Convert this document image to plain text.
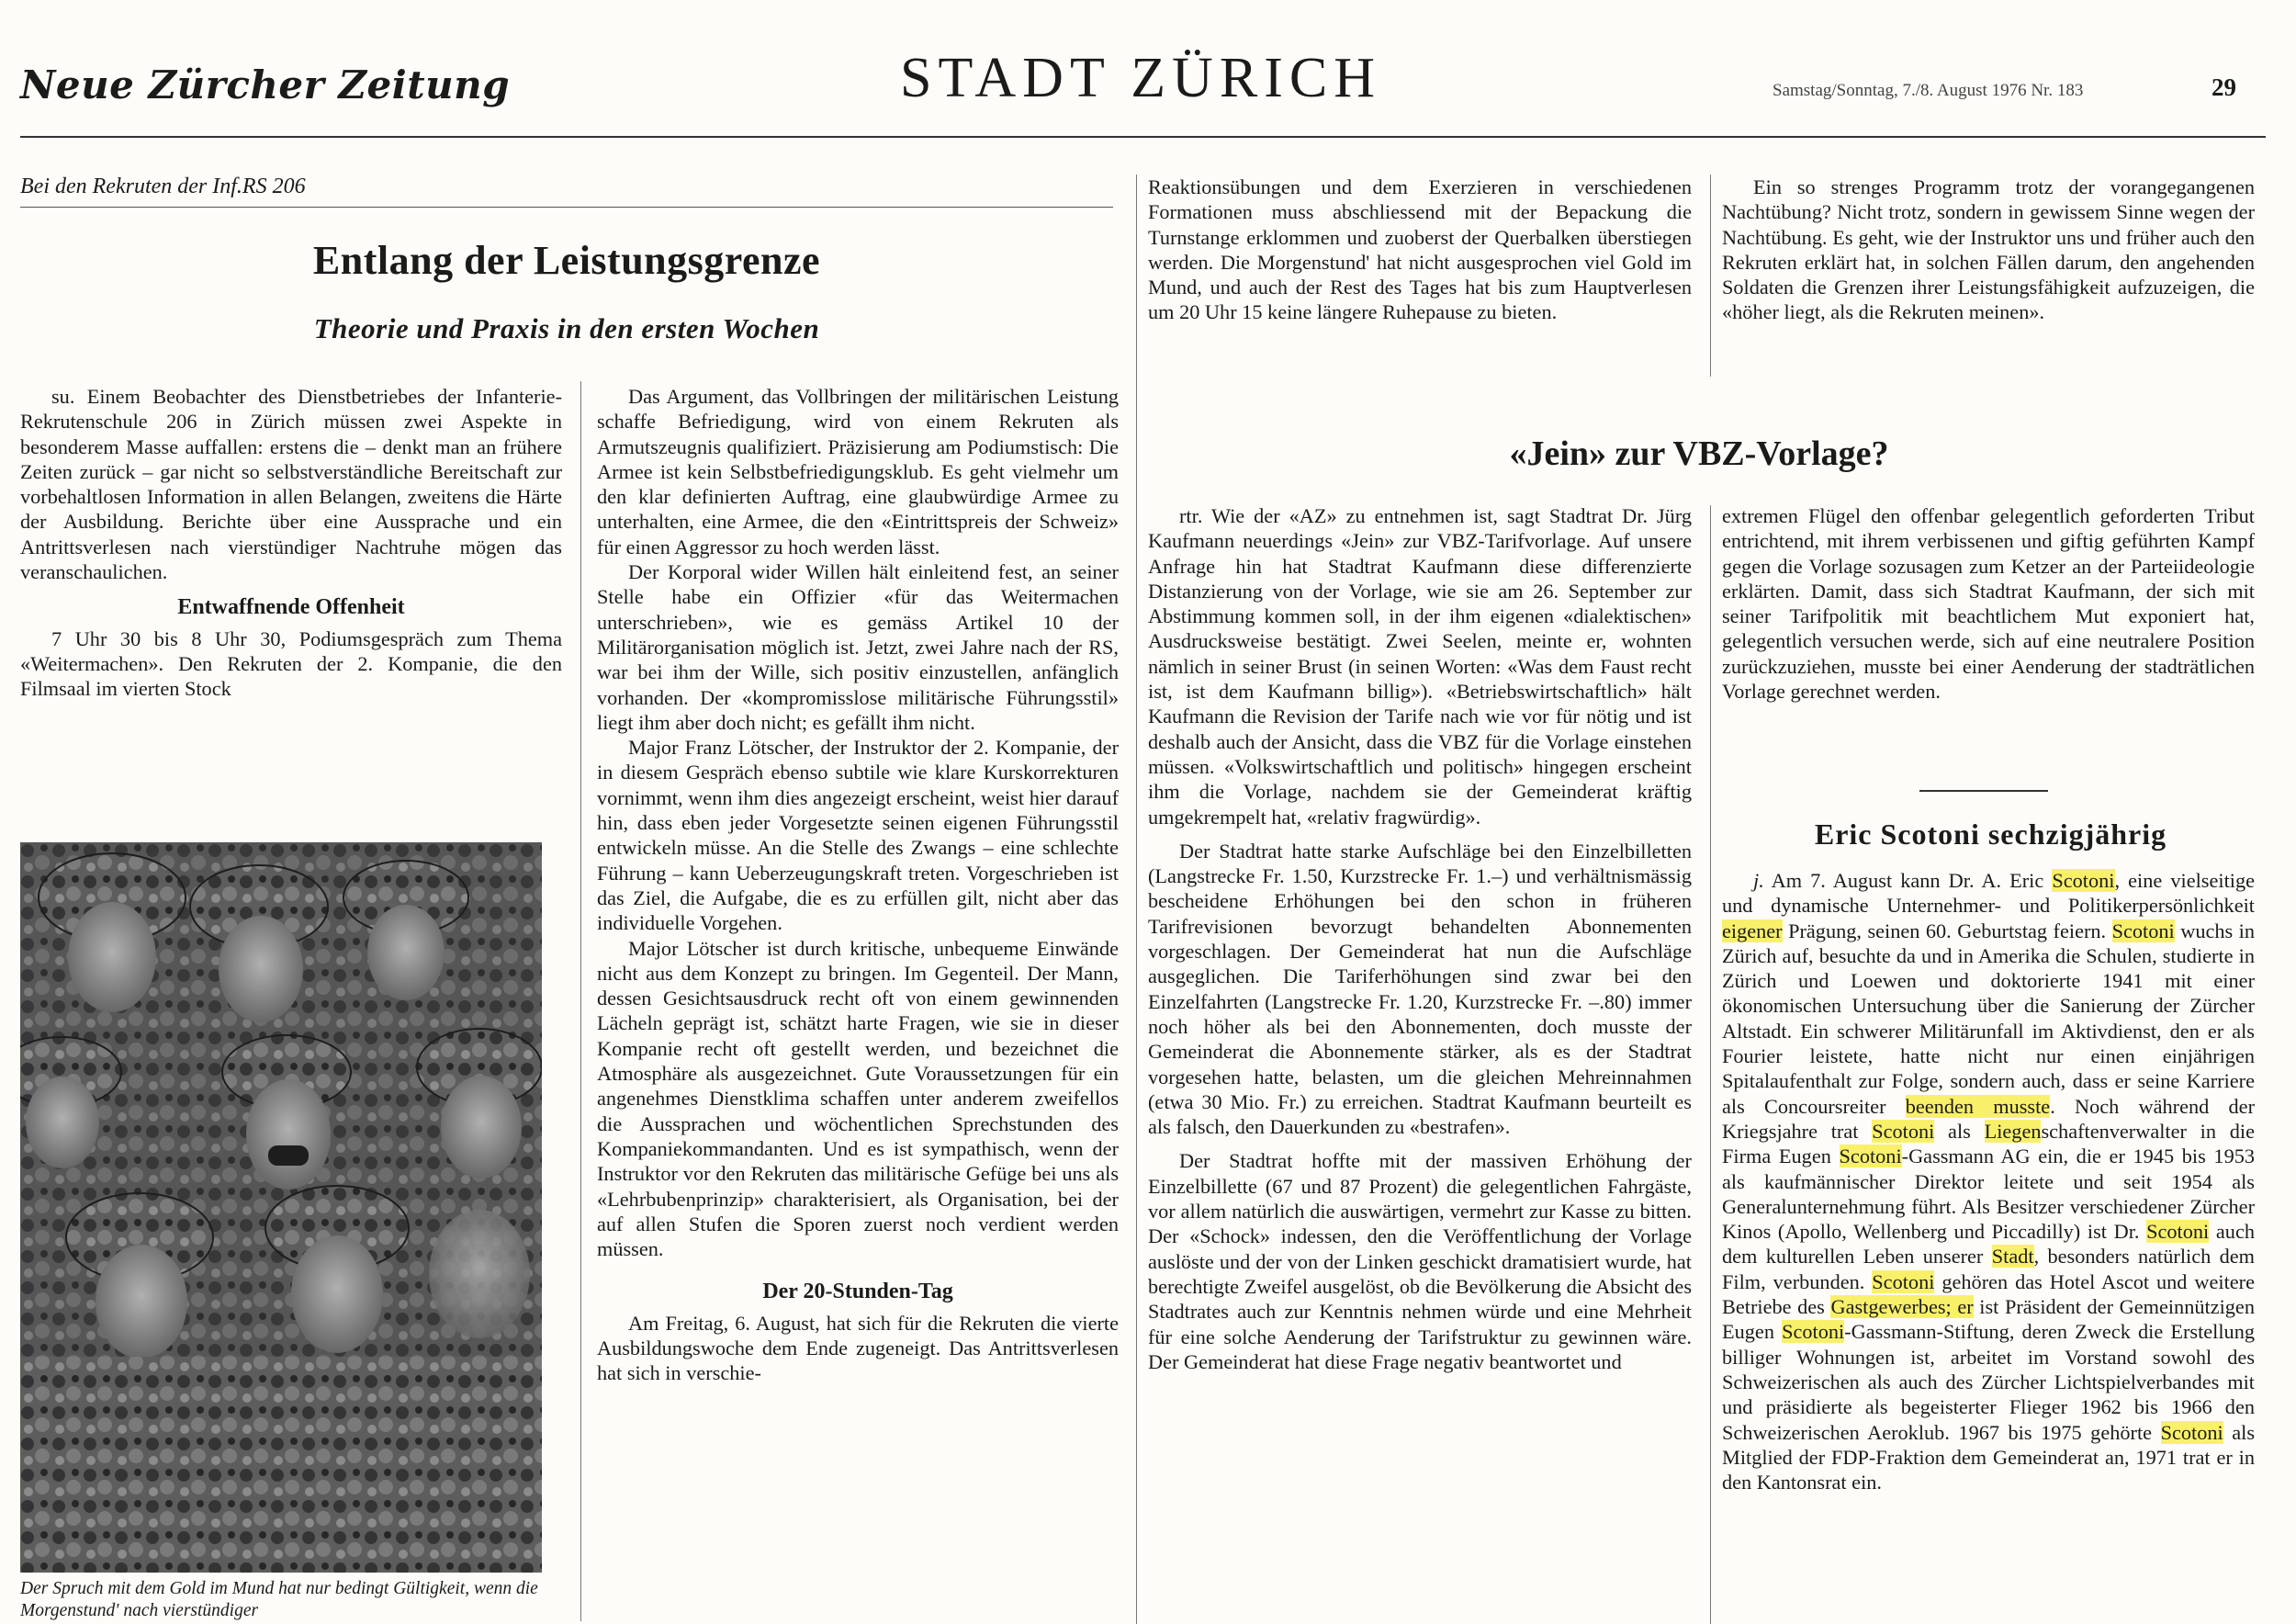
Neue Zürcher Zeitung	STADT ZÜRICH	Samstag/Sonntag, 7./8. August 1976 Nr. 183	29
Bei den Rekruten der Inf.RS 206
Entlang der Leistungsgrenze
Theorie und Praxis in den ersten Wochen

su. Einem Beobachter des Dienstbetriebes der Infanterie-Rekrutenschule 206 in Zürich müssen zwei Aspekte in besonderem Masse auffallen: erstens die – denkt man an frühere Zeiten zurück – gar nicht so selbstverständliche Bereitschaft zur vorbehaltlosen Information in allen Belangen, zweitens die Härte der Ausbildung. Berichte über eine Aussprache und ein Antrittsverlesen nach vierstündiger Nachtruhe mögen das veranschaulichen.

Entwaffnende Offenheit

7 Uhr 30 bis 8 Uhr 30, Podiumsgespräch zum Thema «Weitermachen». Den Rekruten der 2. Kompanie, die den Filmsaal im vierten Stock

Der Spruch mit dem Gold im Mund hat nur bedingt Gültigkeit, wenn die Morgenstund' nach vierstündiger

Das Argument, das Vollbringen der militärischen Leistung schaffe Befriedigung, wird von einem Rekruten als Armutszeugnis qualifiziert. Präzisierung am Podiumstisch: Die Armee ist kein Selbstbefriedigungsklub. Es geht vielmehr um den klar definierten Auftrag, eine glaubwürdige Armee zu unterhalten, eine Armee, die den «Eintrittspreis der Schweiz» für einen Aggressor zu hoch werden lässt.

Der Korporal wider Willen hält einleitend fest, an seiner Stelle habe ein Offizier «für das Weitermachen unterschrieben», wie es gemäss Artikel 10 der Militärorganisation möglich ist. Jetzt, zwei Jahre nach der RS, war bei ihm der Wille, sich positiv einzustellen, anfänglich vorhanden. Der «kompromisslose militärische Führungsstil» liegt ihm aber doch nicht; es gefällt ihm nicht.

Major Franz Lötscher, der Instruktor der 2. Kompanie, der in diesem Gespräch ebenso subtile wie klare Kurskorrekturen vornimmt, wenn ihm dies angezeigt erscheint, weist hier darauf hin, dass eben jeder Vorgesetzte seinen eigenen Führungsstil entwickeln müsse. An die Stelle des Zwangs – eine schlechte Führung – kann Ueberzeugungskraft treten. Vorgeschrieben ist das Ziel, die Aufgabe, die es zu erfüllen gilt, nicht aber das individuelle Vorgehen.

Major Lötscher ist durch kritische, unbequeme Einwände nicht aus dem Konzept zu bringen. Im Gegenteil. Der Mann, dessen Gesichtsausdruck recht oft von einem gewinnenden Lächeln geprägt ist, schätzt harte Fragen, wie sie in dieser Kompanie recht oft gestellt werden, und bezeichnet die Atmosphäre als ausgezeichnet. Gute Voraussetzungen für ein angenehmes Dienstklima schaffen unter anderem zweifellos die Aussprachen und wöchentlichen Sprechstunden des Kompaniekommandanten. Und es ist sympathisch, wenn der Instruktor vor den Rekruten das militärische Gefüge bei uns als «Lehrbubenprinzip» charakterisiert, als Organisation, bei der auf allen Stufen die Sporen zuerst noch verdient werden müssen.

Der 20-Stunden-Tag

Am Freitag, 6. August, hat sich für die Rekruten die vierte Ausbildungswoche dem Ende zugeneigt. Das Antrittsverlesen hat sich in verschie-

Reaktionsübungen und dem Exerzieren in verschiedenen Formationen muss abschliessend mit der Bepackung die Turnstange erklommen und zuoberst der Querbalken überstiegen werden. Die Morgenstund' hat nicht ausgesprochen viel Gold im Mund, und auch der Rest des Tages hat bis zum Hauptverlesen um 20 Uhr 15 keine längere Ruhepause zu bieten.

Ein so strenges Programm trotz der vorangegangenen Nachtübung? Nicht trotz, sondern in gewissem Sinne wegen der Nachtübung. Es geht, wie der Instruktor uns und früher auch den Rekruten erklärt hat, in solchen Fällen darum, den angehenden Soldaten die Grenzen ihrer Leistungsfähigkeit aufzuzeigen, die «höher liegt, als die Rekruten meinen».

«Jein» zur VBZ-Vorlage?

rtr. Wie der «AZ» zu entnehmen ist, sagt Stadtrat Dr. Jürg Kaufmann neuerdings «Jein» zur VBZ-Tarifvorlage. Auf unsere Anfrage hin hat Stadtrat Kaufmann diese differenzierte Distanzierung von der Vorlage, wie sie am 26. September zur Abstimmung kommen soll, in der ihm eigenen «dialektischen» Ausdrucksweise bestätigt. Zwei Seelen, meinte er, wohnten nämlich in seiner Brust (in seinen Worten: «Was dem Faust recht ist, ist dem Kaufmann billig»). «Betriebswirtschaftlich» hält Kaufmann die Revision der Tarife nach wie vor für nötig und ist deshalb auch der Ansicht, dass die VBZ für die Vorlage einstehen müssen. «Volkswirtschaftlich und politisch» hingegen erscheint ihm die Vorlage, nachdem sie der Gemeinderat kräftig umgekrempelt hat, «relativ fragwürdig».

Der Stadtrat hatte starke Aufschläge bei den Einzelbilletten (Langstrecke Fr. 1.50, Kurzstrecke Fr. 1.–) und verhältnismässig bescheidene Erhöhungen bei den schon in früheren Tarifrevisionen bevorzugt behandelten Abonnementen vorgeschlagen. Der Gemeinderat hat nun die Aufschläge ausgeglichen. Die Tariferhöhungen sind zwar bei den Einzelfahrten (Langstrecke Fr. 1.20, Kurzstrecke Fr. –.80) immer noch höher als bei den Abonnementen, doch musste der Gemeinderat die Abonnemente stärker, als es der Stadtrat vorgesehen hatte, belasten, um die gleichen Mehreinnahmen (etwa 30 Mio. Fr.) zu erreichen. Stadtrat Kaufmann beurteilt es als falsch, den Dauerkunden zu «bestrafen».

Der Stadtrat hoffte mit der massiven Erhöhung der Einzelbillette (67 und 87 Prozent) die gelegentlichen Fahrgäste, vor allem natürlich die auswärtigen, vermehrt zur Kasse zu bitten. Der «Schock» indessen, den die Veröffentlichung der Vorlage auslöste und der von der Linken geschickt dramatisiert wurde, hat berechtigte Zweifel ausgelöst, ob die Bevölkerung die Absicht des Stadtrates auch zur Kenntnis nehmen würde und eine Mehrheit für eine solche Aenderung der Tarifstruktur zu gewinnen wäre. Der Gemeinderat hat diese Frage negativ beantwortet und

extremen Flügel den offenbar gelegentlich geforderten Tribut entrichtend, mit ihrem verbissenen und giftig geführten Kampf gegen die Vorlage sozusagen zum Ketzer an der Parteiideologie erklärten. Damit, dass sich Stadtrat Kaufmann, der sich mit seiner Tarifpolitik mit beachtlichem Mut exponiert hat, gelegentlich versuchen werde, sich auf eine neutralere Position zurückzuziehen, musste bei einer Aenderung der stadträtlichen Vorlage gerechnet werden.

Eric Scotoni sechzigjährig

j. Am 7. August kann Dr. A. Eric Scotoni, eine vielseitige und dynamische Unternehmer- und Politikerpersönlichkeit eigener Prägung, seinen 60. Geburtstag feiern. Scotoni wuchs in Zürich auf, besuchte da und in Amerika die Schulen, studierte in Zürich und Loewen und doktorierte 1941 mit einer ökonomischen Untersuchung über die Sanierung der Zürcher Altstadt. Ein schwerer Militärunfall im Aktivdienst, den er als Fourier leistete, hatte nicht nur einen einjährigen Spitalaufenthalt zur Folge, sondern auch, dass er seine Karriere als Concoursreiter beenden musste. Noch während der Kriegsjahre trat Scotoni als Liegenschaftenverwalter in die Firma Eugen Scotoni-Gassmann AG ein, die er 1945 bis 1953 als kaufmännischer Direktor leitete und seit 1954 als Generalunternehmung führt. Als Besitzer verschiedener Zürcher Kinos (Apollo, Wellenberg und Piccadilly) ist Dr. Scotoni auch dem kulturellen Leben unserer Stadt, besonders natürlich dem Film, verbunden. Scotoni gehören das Hotel Ascot und weitere Betriebe des Gastgewerbes; er ist Präsident der Gemeinnützigen Eugen Scotoni-Gassmann-Stiftung, deren Zweck die Erstellung billiger Wohnungen ist, arbeitet im Vorstand sowohl des Schweizerischen als auch des Zürcher Lichtspielverbandes mit und präsidierte als begeisterter Flieger 1962 bis 1966 den Schweizerischen Aeroklub. 1967 bis 1975 gehörte Scotoni als Mitglied der FDP-Fraktion dem Gemeinderat an, 1971 trat er in den Kantonsrat ein.
